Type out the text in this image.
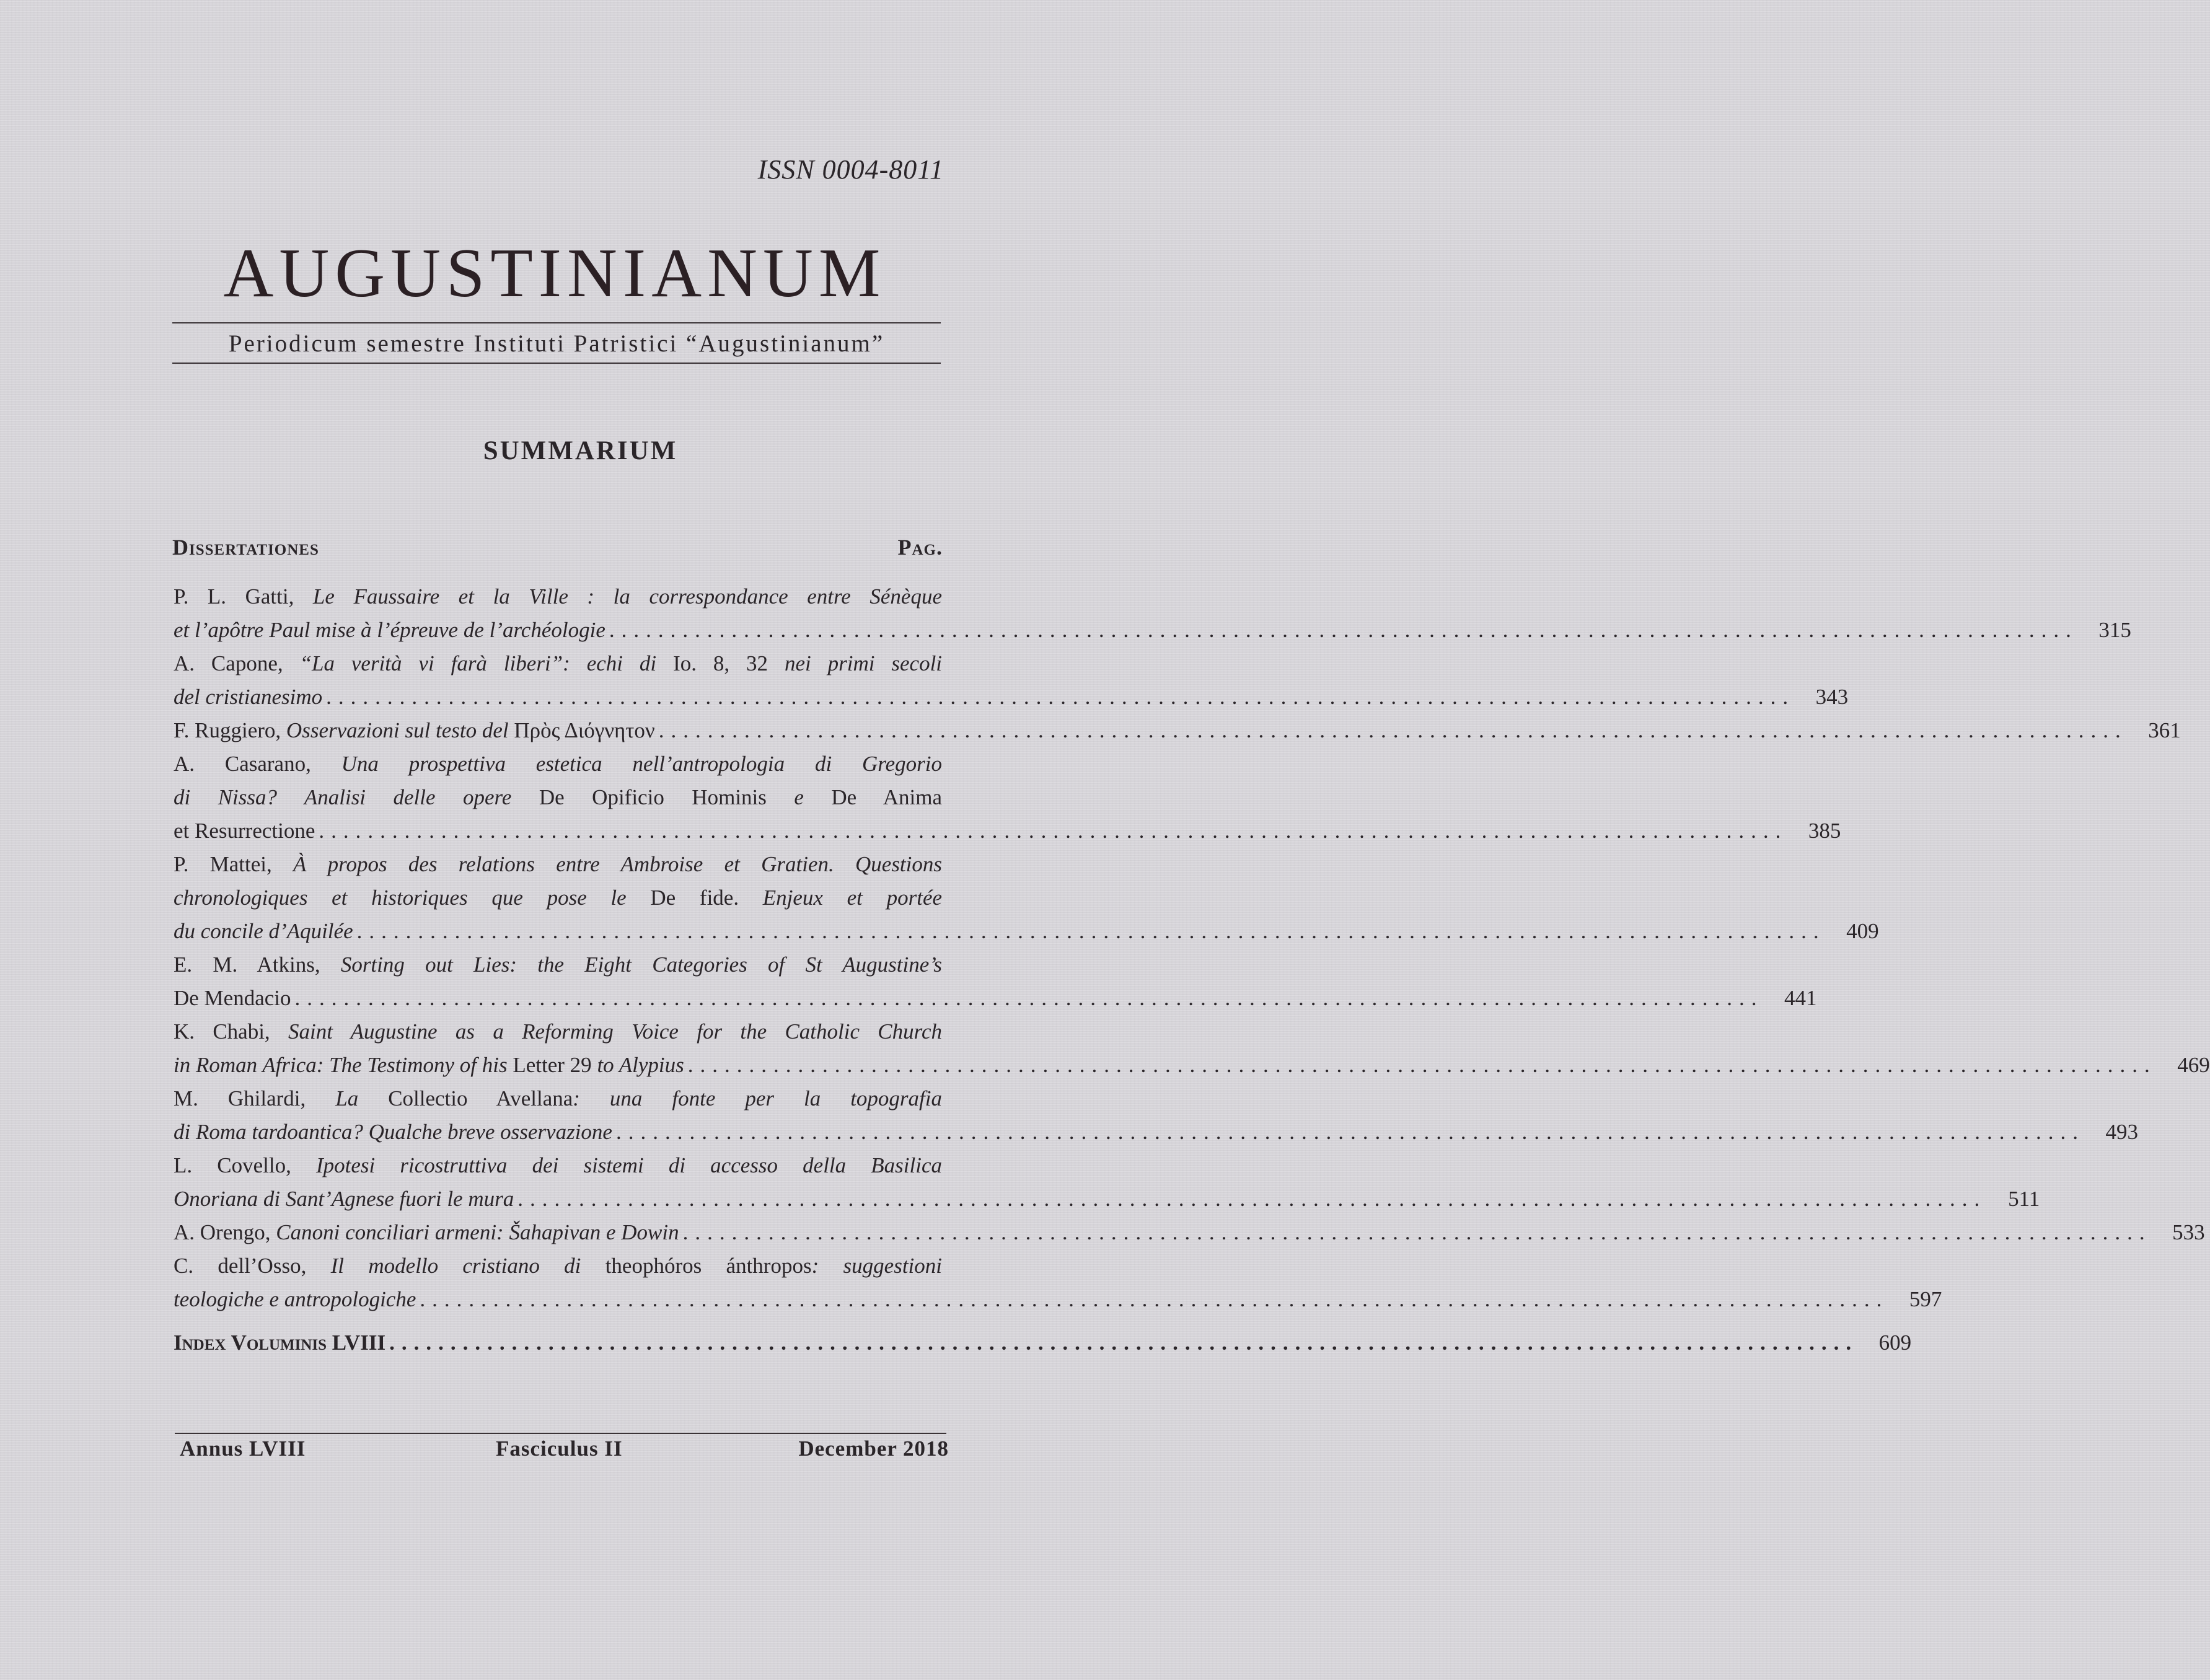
ISSN 0004-8011
AUGUSTINIANUM
Periodicum semestre Instituti Patristici “Augustinianum”
SUMMARIUM
Dissertationes	Pag.
P. L. Gatti, Le Faussaire et la Ville : la correspondance entre Sénèque
et l’apôtre Paul mise à l’épreuve de l’archéologie ........................................................................................................................ 315
A. Capone, “La verità vi farà liberi”: echi di Io. 8, 32 nei primi secoli
del cristianesimo ........................................................................................................................ 343
F. Ruggiero, Osservazioni sul testo del Πρὸς Διόγνητον ........................................................................................................................ 361
A. Casarano, Una prospettiva estetica nell’antropologia di Gregorio
di Nissa? Analisi delle opere De Opificio Hominis e De Anima
et Resurrectione ........................................................................................................................ 385
P. Mattei, À propos des relations entre Ambroise et Gratien. Questions
chronologiques et historiques que pose le De fide. Enjeux et portée
du concile d’Aquilée ........................................................................................................................ 409
E. M. Atkins, Sorting out Lies: the Eight Categories of St Augustine’s
De Mendacio ........................................................................................................................ 441
K. Chabi, Saint Augustine as a Reforming Voice for the Catholic Church
in Roman Africa: The Testimony of his Letter 29 to Alypius ........................................................................................................................ 469
M. Ghilardi, La Collectio Avellana: una fonte per la topografia
di Roma tardoantica? Qualche breve osservazione ........................................................................................................................ 493
L. Covello, Ipotesi ricostruttiva dei sistemi di accesso della Basilica
Onoriana di Sant’Agnese fuori le mura ........................................................................................................................ 511
A. Orengo, Canoni conciliari armeni: Šahapivan e Dowin ........................................................................................................................ 533
C. dell’Osso, Il modello cristiano di theophóros ánthropos: suggestioni
teologiche e antropologiche ........................................................................................................................ 597
Index Voluminis LVIII ........................................................................................................................ 609
Annus LVIII	Fasciculus II	December 2018
